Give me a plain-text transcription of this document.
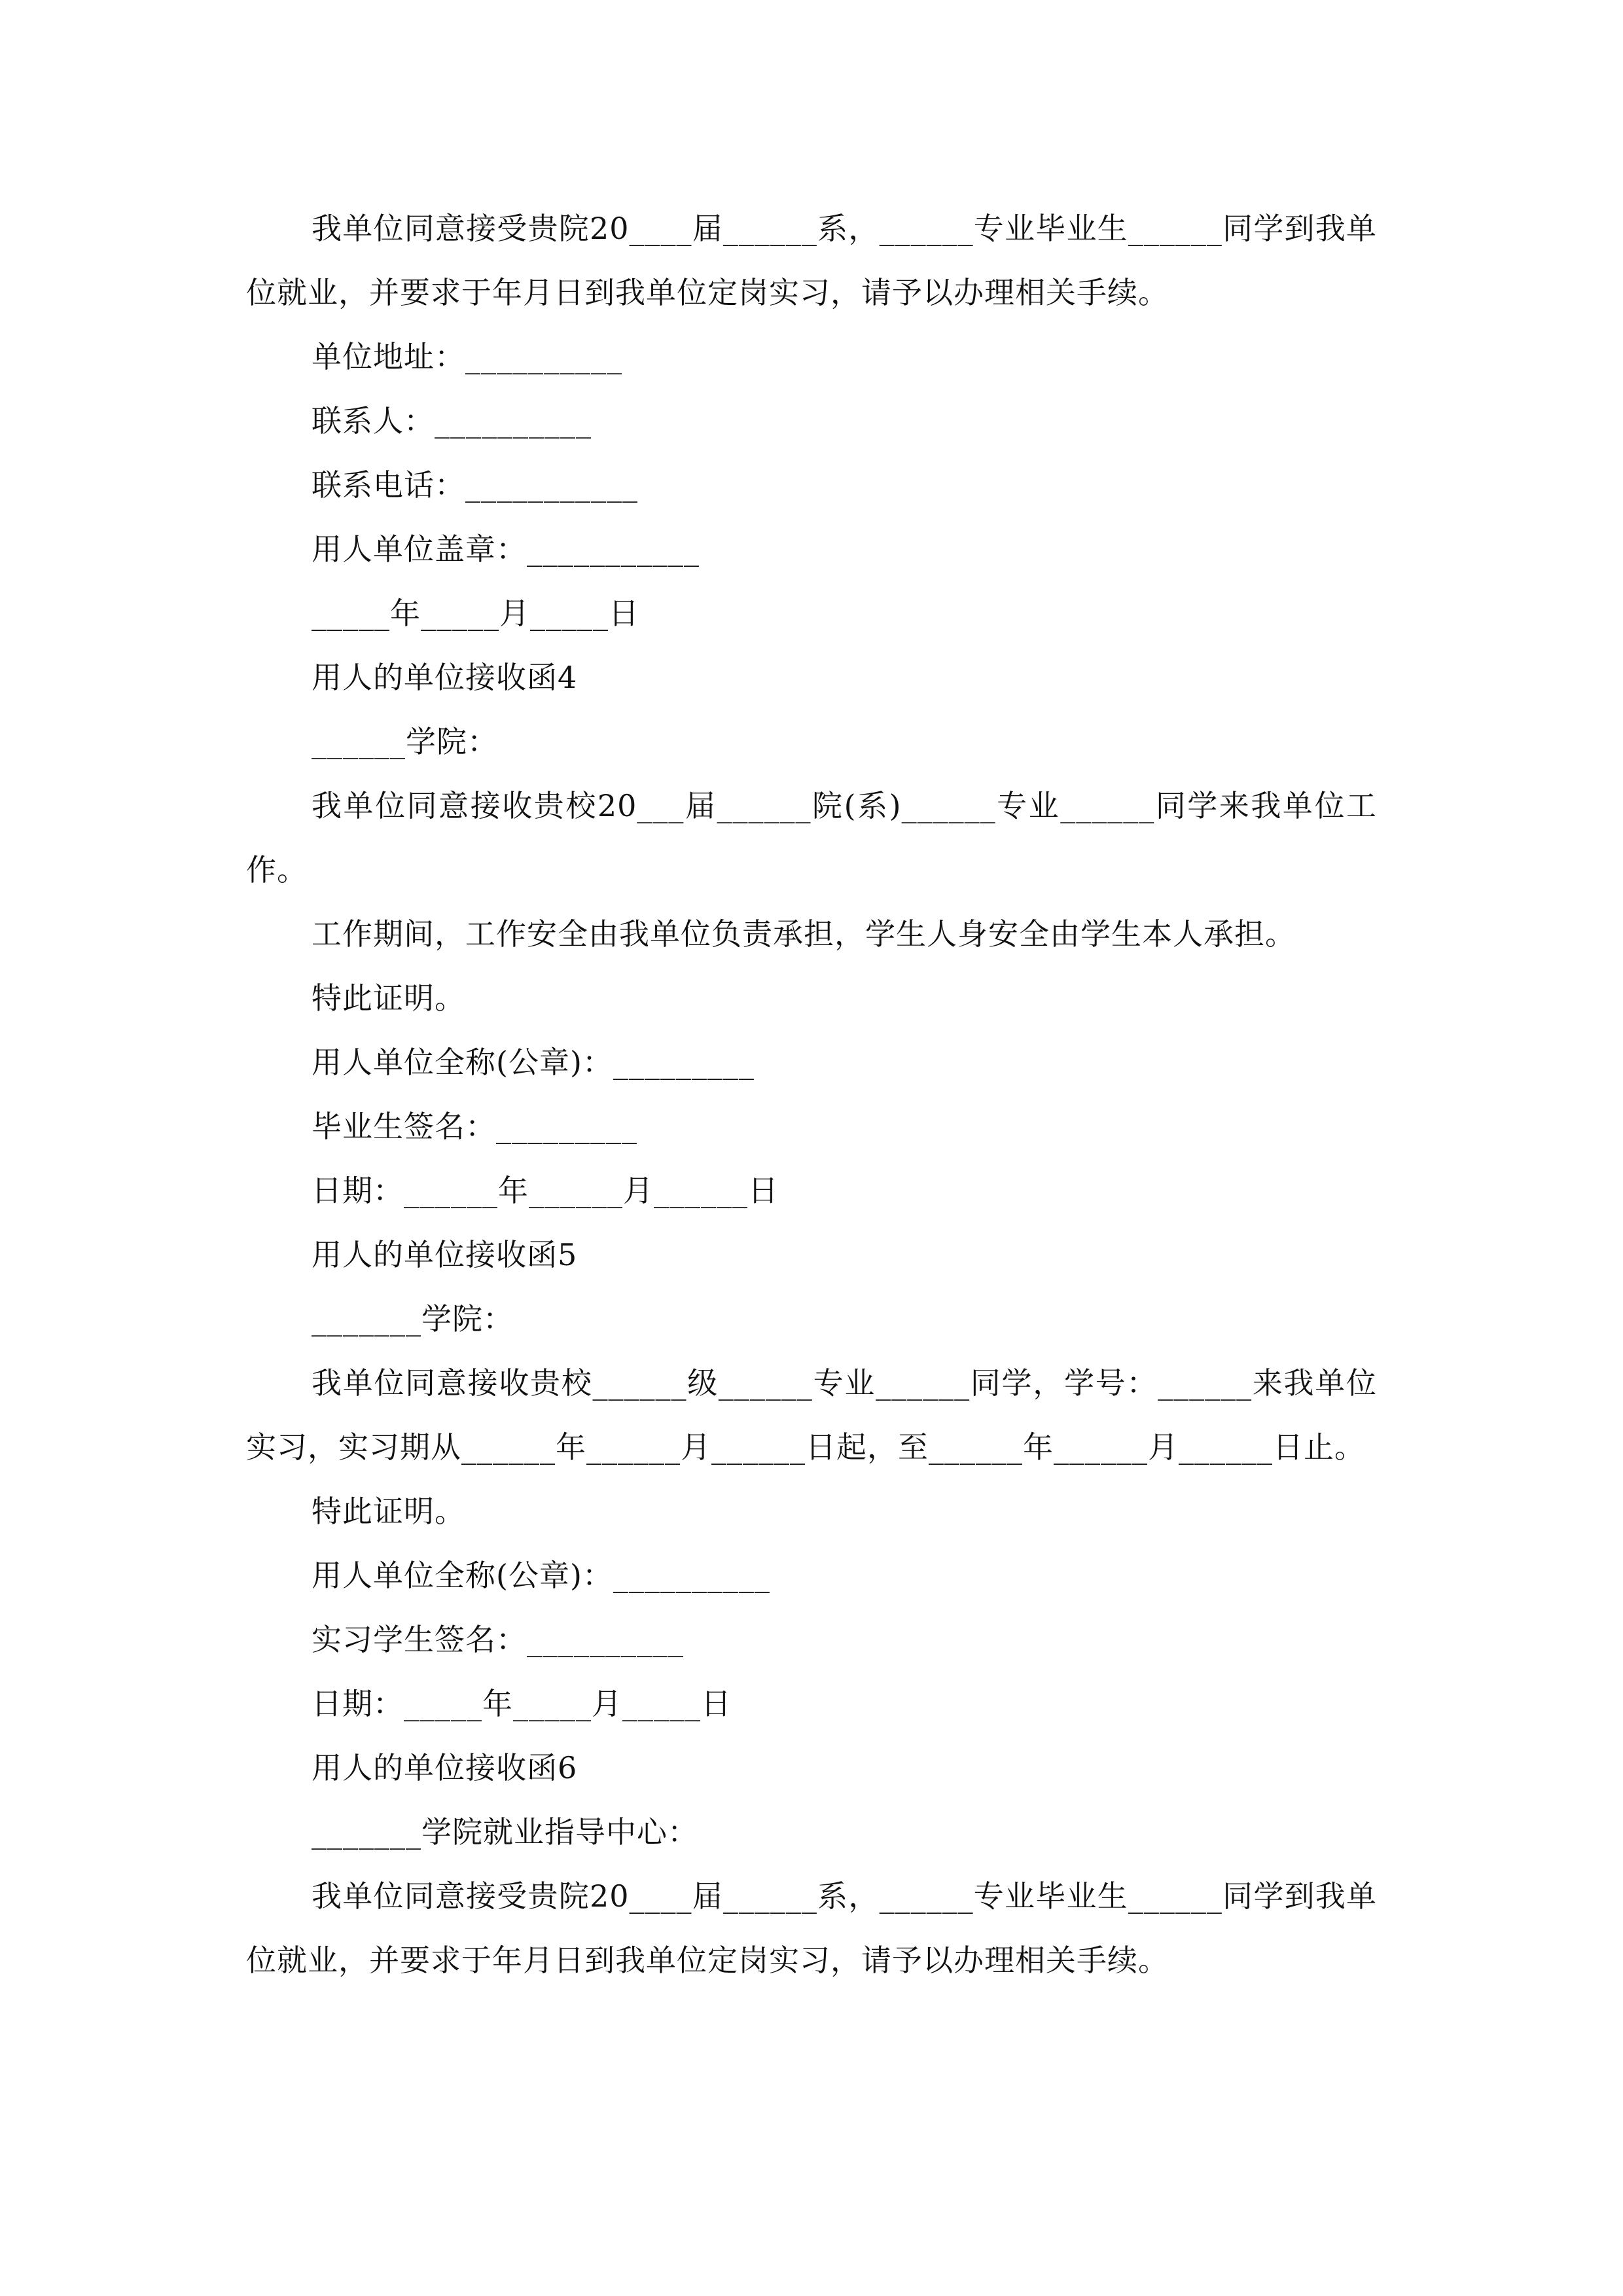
我单位同意接受贵院20____届______系，______专业毕业生______同学到我单位就业，并要求于年月日到我单位定岗实习，请予以办理相关手续。
单位地址：__________
联系人：__________
联系电话：___________
用人单位盖章：___________
_____年_____月_____日
用人的单位接收函4
______学院：
我单位同意接收贵校20___届______院(系)______专业______同学来我单位工作。
工作期间，工作安全由我单位负责承担，学生人身安全由学生本人承担。
特此证明。
用人单位全称(公章)：_________
毕业生签名：_________
日期：______年______月______日
用人的单位接收函5
_______学院：
我单位同意接收贵校______级______专业______同学，学号：______来我单位实习，实习期从______年______月______日起，至______年______月______日止。
特此证明。
用人单位全称(公章)：__________
实习学生签名：__________
日期：_____年_____月_____日
用人的单位接收函6
_______学院就业指导中心：
我单位同意接受贵院20____届______系，______专业毕业生______同学到我单位就业，并要求于年月日到我单位定岗实习，请予以办理相关手续。
